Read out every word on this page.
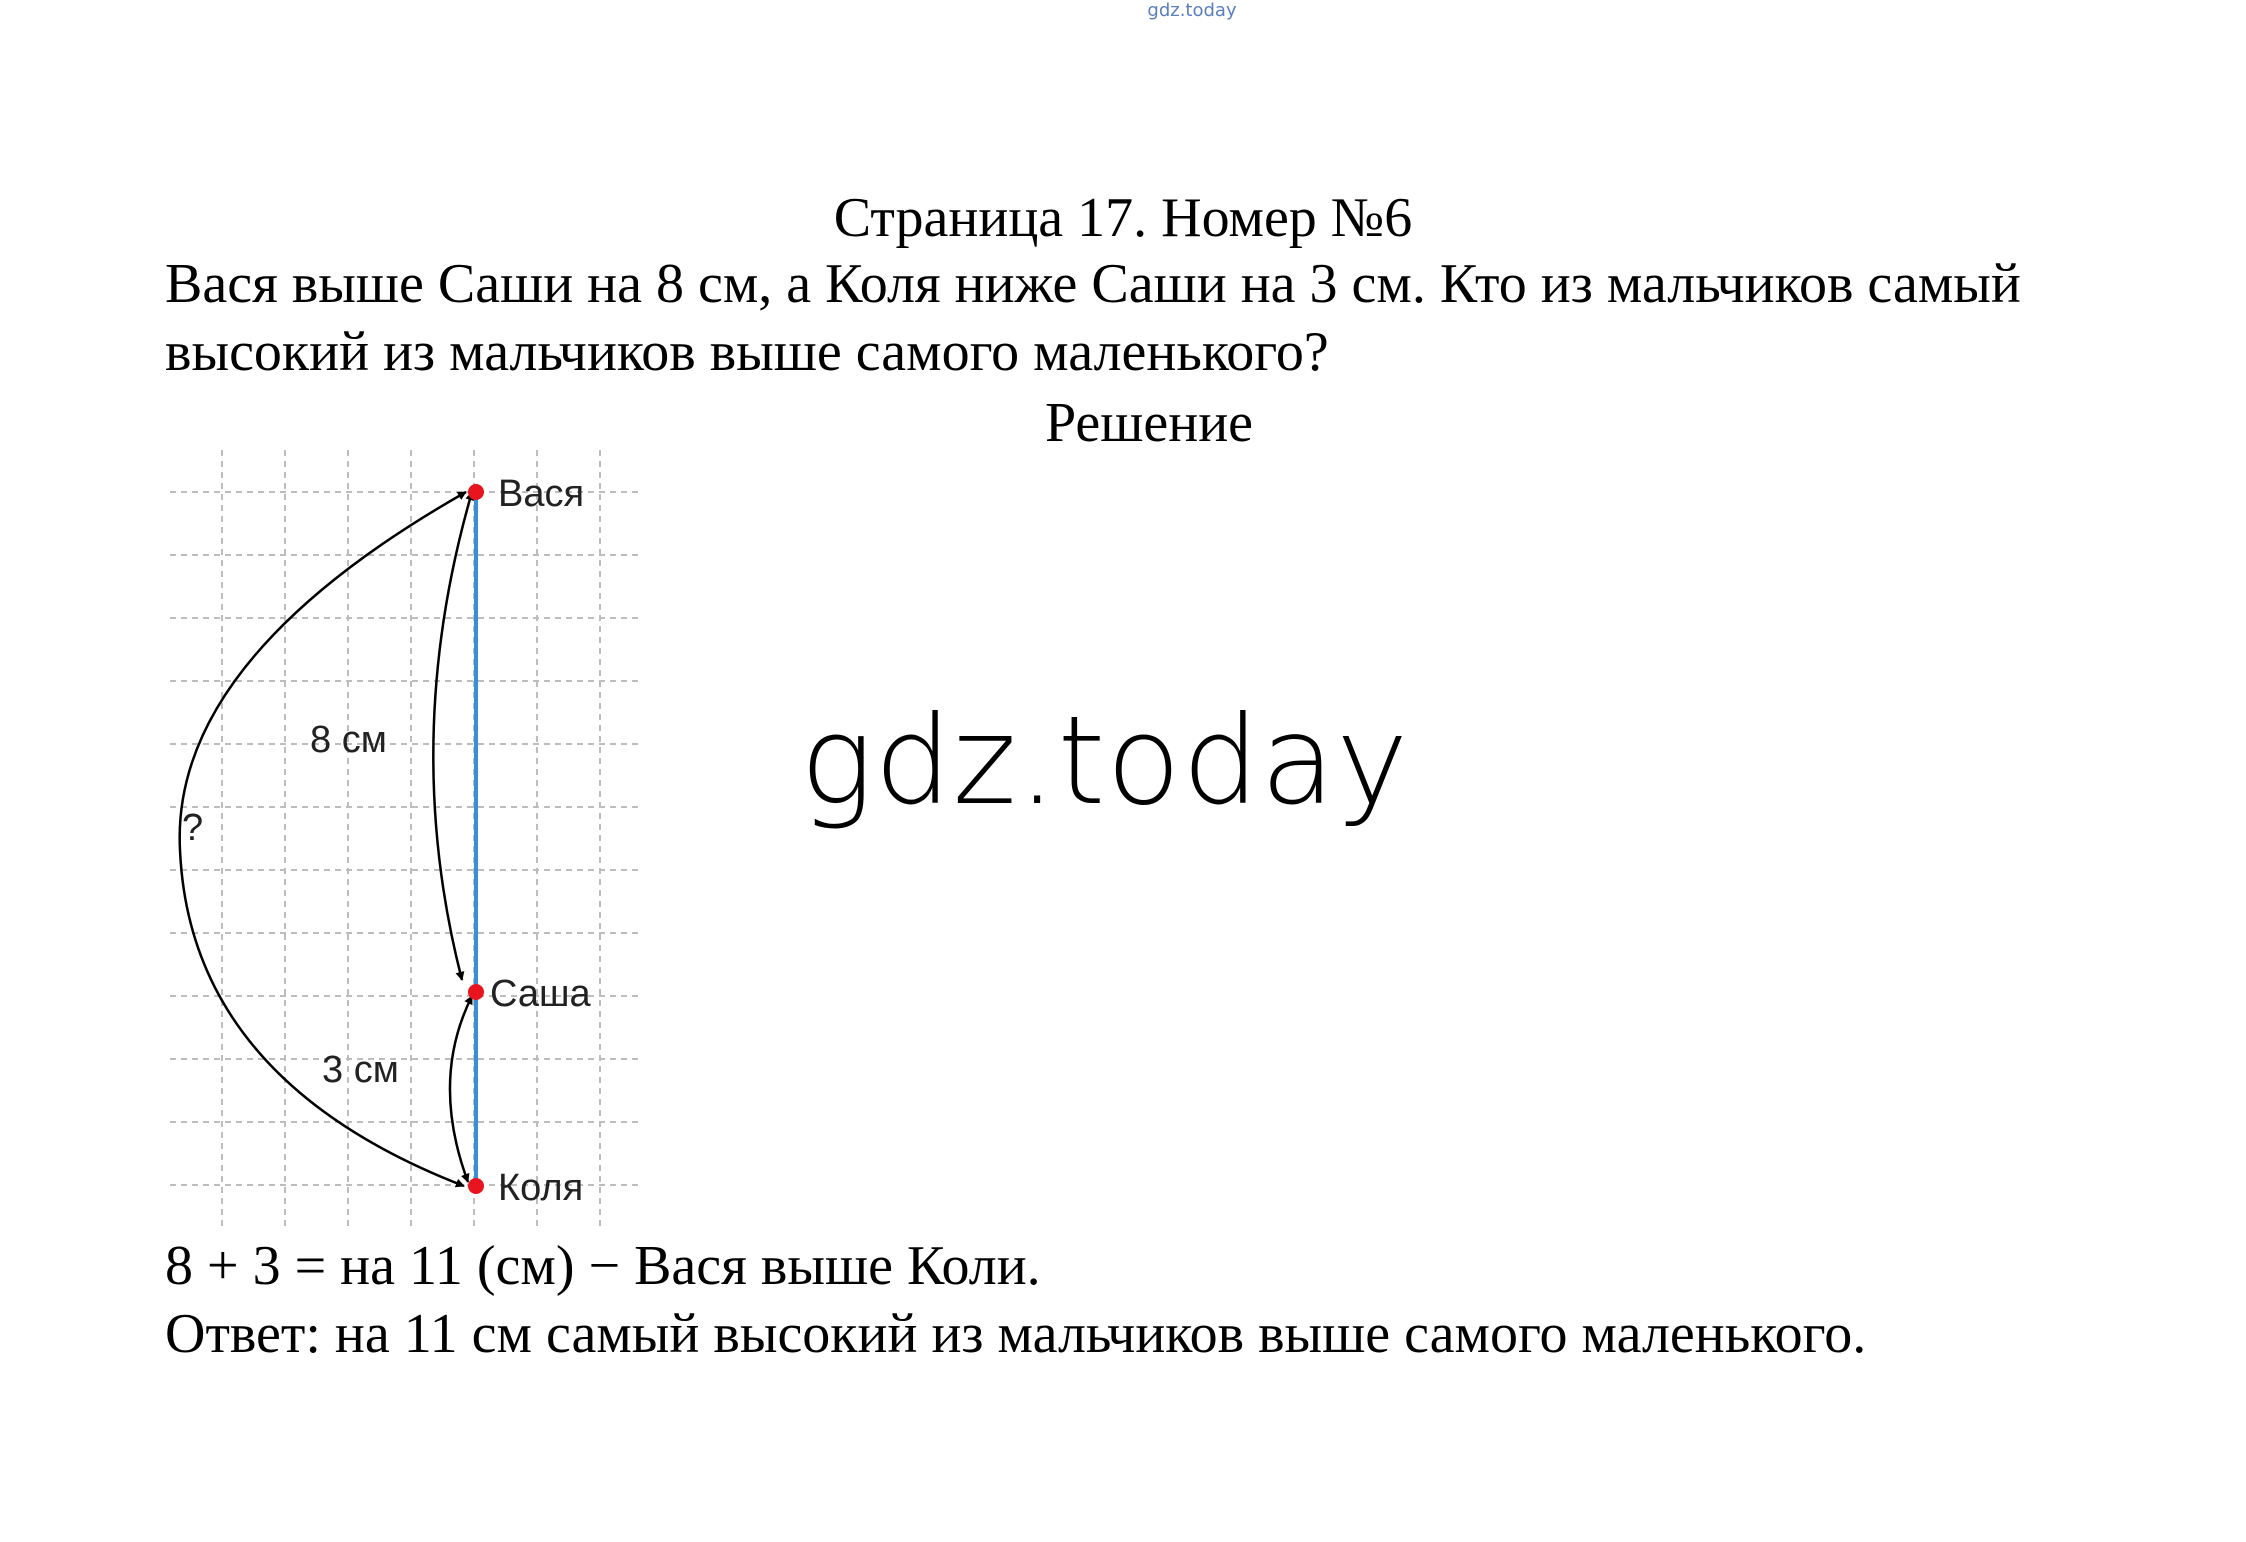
gdz.today
Страница 17. Номер №6
Вася выше Саши на 8 см, а Коля ниже Саши на 3 см. Кто из мальчиков самый высокий из мальчиков выше самого маленького?
Решение
Вася
Саша
Коля
8 см
3 см
?	gdz.today
8 + 3 = на 11 (см) − Вася выше Коли.
Ответ: на 11 см самый высокий из мальчиков выше самого маленького.
